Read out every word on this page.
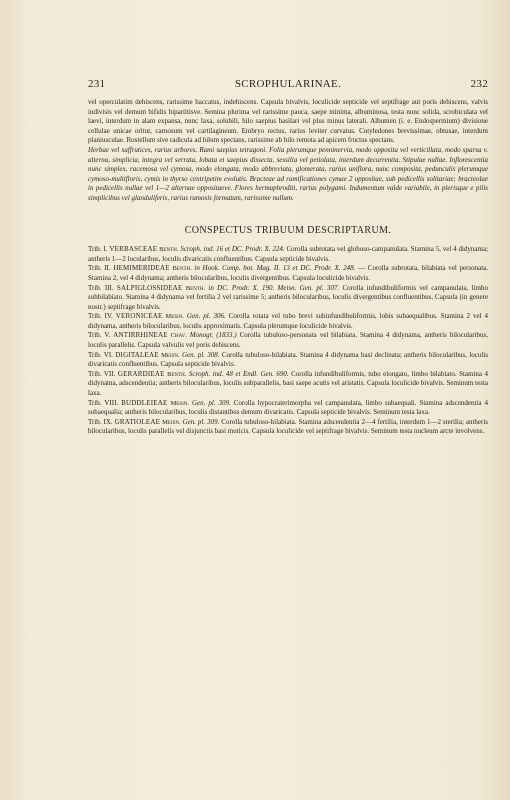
231	SCROPHULARINAE.	232

vel operculatim dehiscens, rarissime baccatus, indehiscens. Capsula bivalvis, loculicide septicide vel septifrage aut poris dehiscens, valvis indivisis vel demum bifidis bipartitisve. Semina plurima vel rarissime pauca, saepe minima, albuminosa, testa nunc solida, scrobiculata vel laevi, interdum in alam expansa, nunc laxa, solubili, hilo saepius basilari vel plus minus laterali. Albumen (i. e. Endospermium) divisione cellulae unicae oritur, carnosum vel cartilagineum. Embryo rectus, rarius leviter curvatus. Cotyledones brevissimae, obtusae, interdum planiusculae. Rostellum sive radicula ad hilum spectans, rarissime ab hilo remota ad apicem fructus spectans.

Herbae vel suffrutices, rarius arbores. Rami saepius tetragoni. Folia plerumque penninervia, modo opposita vel verticillata, modo sparsa v. alterna, simplicia, integra vel serrata, lobata et saepius dissecta, sessilia vel petiolata, interdum decurrentia. Stipulae nullae. Inflorescentia nunc simplex, racemosa vel cymosa, modo elongata, modo abbreviata, glomerata, rarius uniflora, nunc composita, pedunculis plerumque cymoso-multifloris, cymis in thyrso centripetim evolutis. Bracteae ad ramificationes cymae 2 oppositae, sub pedicellis solitariae; bracteolae in pedicellis nullae vel 1—2 alternae oppositaeve. Flores hermaphroditi, rarius polygami. Indumentum valde variabile, in plerisque e pilis simplicibus vel glanduliferis, rarius ramosis formatum, rarissime nullum.

CONSPECTUS TRIBUUM DESCRIPTARUM.

Trib. I. VERBASCEAE Benth. Scroph. ind. 16 et DC. Prodr. X. 224. Corolla subrotata vel globoso-campanulata. Stamina 5, vel 4 didynama; antheris 1—2 locularibus, loculis divaricatis confluentibus. Capsula septicide bivalvis.

Trib. II. HEMIMERIDEAE Benth. in Hook. Comp. bot. Mag. II. 13 et DC. Prodr. X. 248. — Corolla subrotata, bilabiata vel personata. Stamina 2, vel 4 didynama; antheris bilocularibus, loculis divergentibus. Capsula loculicide bivalvis.

Trib. III. SALPIGLOSSIDEAE Benth. in DC. Prodr. X. 190. Meisn. Gen. pl. 307. Corolla infundibuliformis vel campanulata, limbo subbilabiato. Stamina 4 didynama vel fertilia 2 vel rarissime 5; antheris bilocularibus, loculis divergentibus confluentibus. Capsula (in genere nostr.) septifrage bivalvis.

Trib. IV. VERONICEAE Meisn. Gen. pl. 306. Corolla rotata vel tubo brevi subinfundibuliformis, lobis subaequalibus. Stamina 2 vel 4 didynama, antheris bilocularibus, loculis approximatis. Capsula plerumque loculicide bivalvis.

Trib. V. ANTIRRHINEAE Chav. Monogr. (1833.) Corolla tubuloso-personata vel bilabiata. Stamina 4 didynama, antheris bilocularibus, loculis parallelis. Capsula valvulis vel poris dehiscens.

Trib. VI. DIGITALEAE Meisn. Gen. pl. 308. Corolla tubuloso-bilabiata. Stamina 4 didynama basi declinata; antheris bilocularibus, loculis divaricatis confluentibus. Capsula septicide bivalvis.

Trib. VII. GERARDIEAE Benth. Scroph. ind. 48 et Endl. Gen. 690. Corolla infundibuliformis, tubo elongato, limbo bilabiato. Stamina 4 didynama, adscendentia; antheris bilocularibus, loculis subparallelis, basi saepe acutis vel aristatis. Capsula loculicide bivalvis. Seminum testa laxa.

Trib. VIII. BUDDLEIEAE Meisn. Gen. pl. 309. Corolla hypocraterimorpha vel campanulata, limbo subaequali. Stamina adscendentia 4 subaequalia; antheris bilocularibus, loculis distantibus demum divaricatis. Capsula septicide bivalvis. Seminum testa laxa.

Trib. IX. GRATIOLEAE Meisn. Gen. pl. 309. Corolla tubuloso-bilabiata. Stamina adscendentia 2—4 fertilia, interdum 1—2 sterilia; antheris bilocularibus, loculis parallelis vel disjunctis basi muticis. Capsula loculicide vel septifrage bivalvis. Seminum testa nucleum arcte involvens.
